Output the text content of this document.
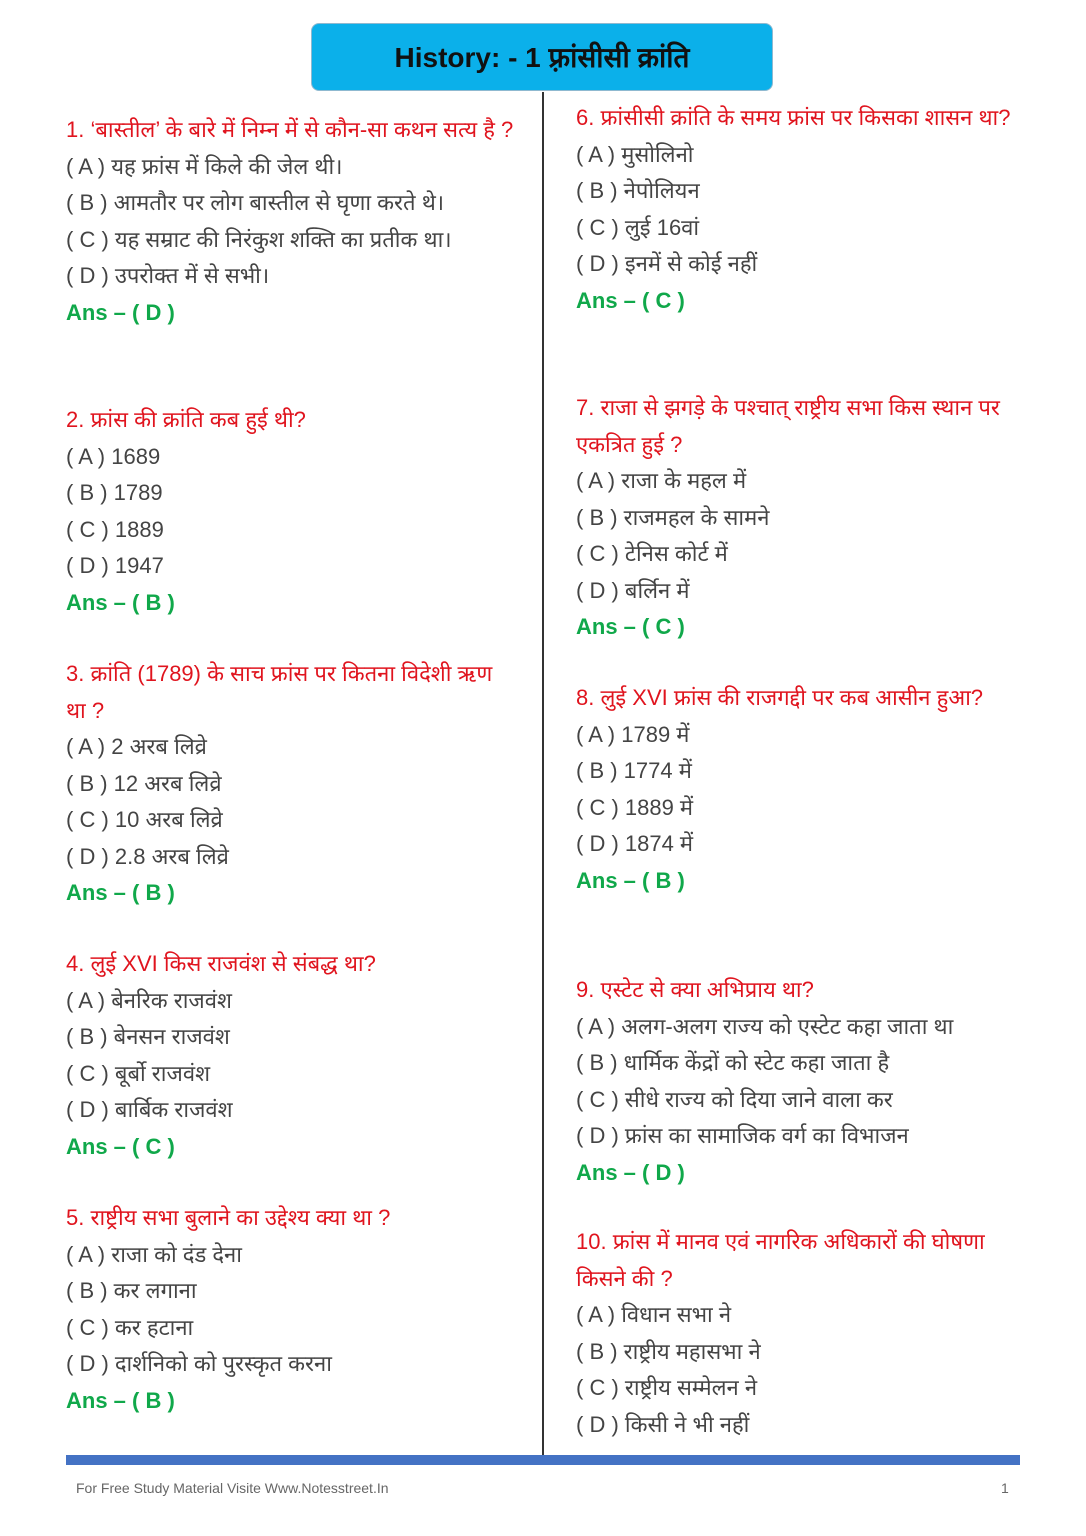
History: - 1 फ़्रांसीसी क्रांति
1. ‘बास्तील’ के बारे में निम्न में से कौन-सा कथन सत्य है ?
( A ) यह फ्रांस में किले की जेल थी।
( B ) आमतौर पर लोग बास्तील से घृणा करते थे।
( C ) यह सम्राट की निरंकुश शक्ति का प्रतीक था।
( D ) उपरोक्त में से सभी।
Ans – ( D )
2. फ्रांस की क्रांति कब हुई थी?
( A ) 1689
( B ) 1789
( C ) 1889
( D ) 1947
Ans – ( B )
3. क्रांति (1789) के साच फ्रांस पर कितना विदेशी ऋण था ?
( A ) 2 अरब लिव्रे
( B ) 12 अरब लिव्रे
( C ) 10 अरब लिव्रे
( D ) 2.8 अरब लिव्रे
Ans – ( B )
4. लुई XVI किस राजवंश से संबद्ध था?
( A ) बेनरिक राजवंश
( B ) बेनसन राजवंश
( C ) बूर्बो राजवंश
( D ) बार्बिक राजवंश
Ans – ( C )
5. राष्ट्रीय सभा बुलाने का उद्देश्य क्या था ?
( A ) राजा को दंड देना
( B ) कर लगाना
( C ) कर हटाना
( D ) दार्शनिको को पुरस्कृत करना
Ans – ( B )
6. फ्रांसीसी क्रांति के समय फ्रांस पर किसका शासन था?
( A ) मुसोलिनो
( B ) नेपोलियन
( C ) लुई 16वां
( D ) इनमें से कोई नहीं
Ans – ( C )
7. राजा से झगड़े के पश्चात् राष्ट्रीय सभा किस स्थान पर एकत्रित हुई ?
( A ) राजा के महल में
( B ) राजमहल के सामने
( C ) टेनिस कोर्ट में
( D ) बर्लिन में
Ans – ( C )
8. लुई XVI फ्रांस की राजगद्दी पर कब आसीन हुआ?
( A ) 1789 में
( B ) 1774 में
( C ) 1889 में
( D ) 1874 में
Ans – ( B )
9. एस्टेट से क्या अभिप्राय था?
( A ) अलग-अलग राज्य को एस्टेट कहा जाता था
( B ) धार्मिक केंद्रों को स्टेट कहा जाता है
( C ) सीधे राज्य को दिया जाने वाला कर
( D ) फ्रांस का सामाजिक वर्ग का विभाजन
Ans – ( D )
10. फ्रांस में मानव एवं नागरिक अधिकारों की घोषणा किसने की ?
( A ) विधान सभा ने
( B ) राष्ट्रीय महासभा ने
( C ) राष्ट्रीय सम्मेलन ने
( D ) किसी ने भी नहीं
For Free Study Material Visite Www.Notesstreet.In	1
